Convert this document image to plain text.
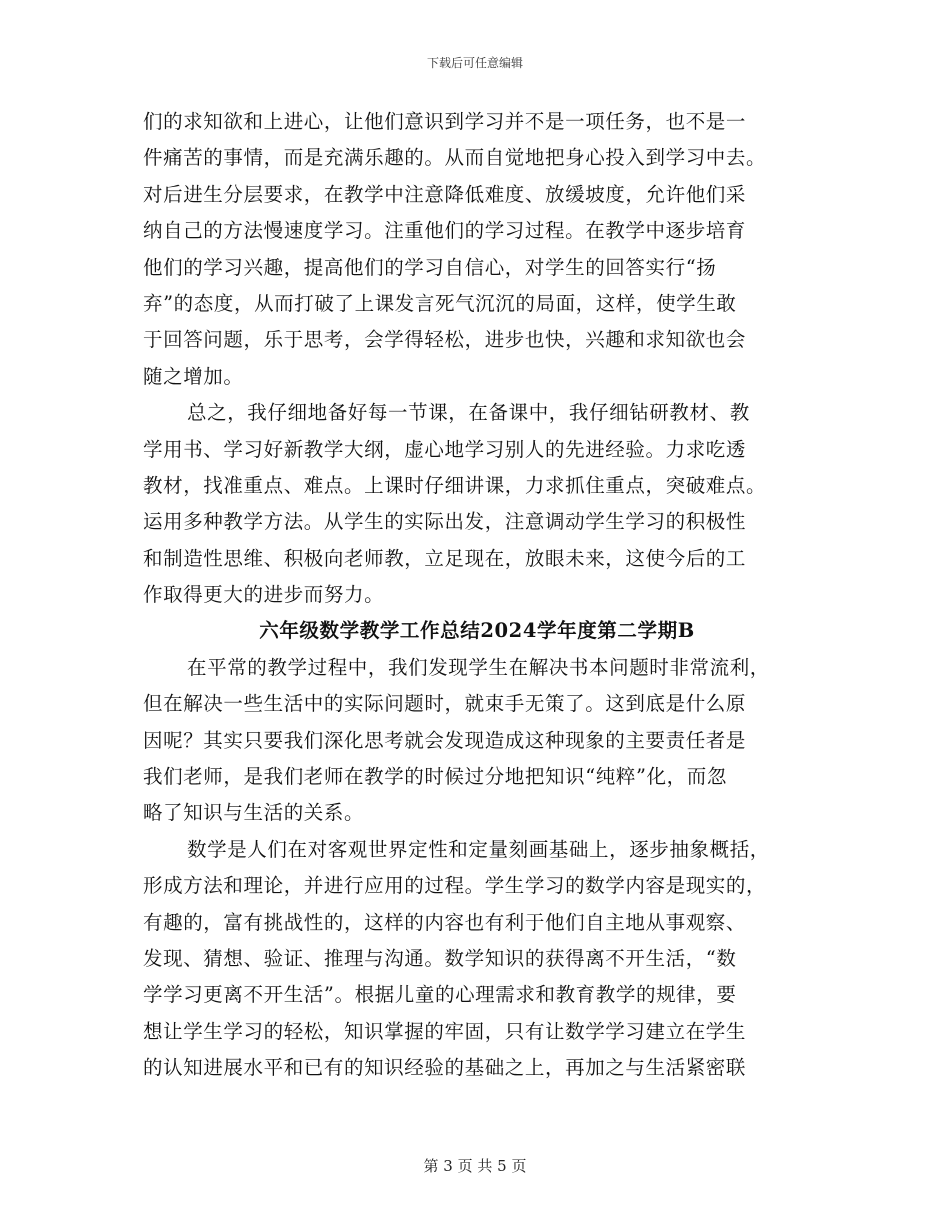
下载后可任意编辑
们的求知欲和上进心，让他们意识到学习并不是一项任务，也不是一
件痛苦的事情，而是充满乐趣的。从而自觉地把身心投入到学习中去。
对后进生分层要求，在教学中注意降低难度、放缓坡度，允许他们采
纳自己的方法慢速度学习。注重他们的学习过程。在教学中逐步培育
他们的学习兴趣，提高他们的学习自信心，对学生的回答实行“扬
弃”的态度，从而打破了上课发言死气沉沉的局面，这样，使学生敢
于回答问题，乐于思考，会学得轻松，进步也快，兴趣和求知欲也会
随之增加。
总之，我仔细地备好每一节课，在备课中，我仔细钻研教材、教
学用书、学习好新教学大纲，虚心地学习别人的先进经验。力求吃透
教材，找准重点、难点。上课时仔细讲课，力求抓住重点，突破难点。
运用多种教学方法。从学生的实际出发，注意调动学生学习的积极性
和制造性思维、积极向老师教，立足现在，放眼未来，这使今后的工
作取得更大的进步而努力。
六年级数学教学工作总结2024学年度第二学期B
在平常的教学过程中，我们发现学生在解决书本问题时非常流利，
但在解决一些生活中的实际问题时，就束手无策了。这到底是什么原
因呢？其实只要我们深化思考就会发现造成这种现象的主要责任者是
我们老师，是我们老师在教学的时候过分地把知识“纯粹”化，而忽
略了知识与生活的关系。
数学是人们在对客观世界定性和定量刻画基础上，逐步抽象概括，
形成方法和理论，并进行应用的过程。学生学习的数学内容是现实的，
有趣的，富有挑战性的，这样的内容也有利于他们自主地从事观察、
发现、猜想、验证、推理与沟通。数学知识的获得离不开生活，“数
学学习更离不开生活”。根据儿童的心理需求和教育教学的规律，要
想让学生学习的轻松，知识掌握的牢固，只有让数学学习建立在学生
的认知进展水平和已有的知识经验的基础之上，再加之与生活紧密联
第 3 页 共 5 页
